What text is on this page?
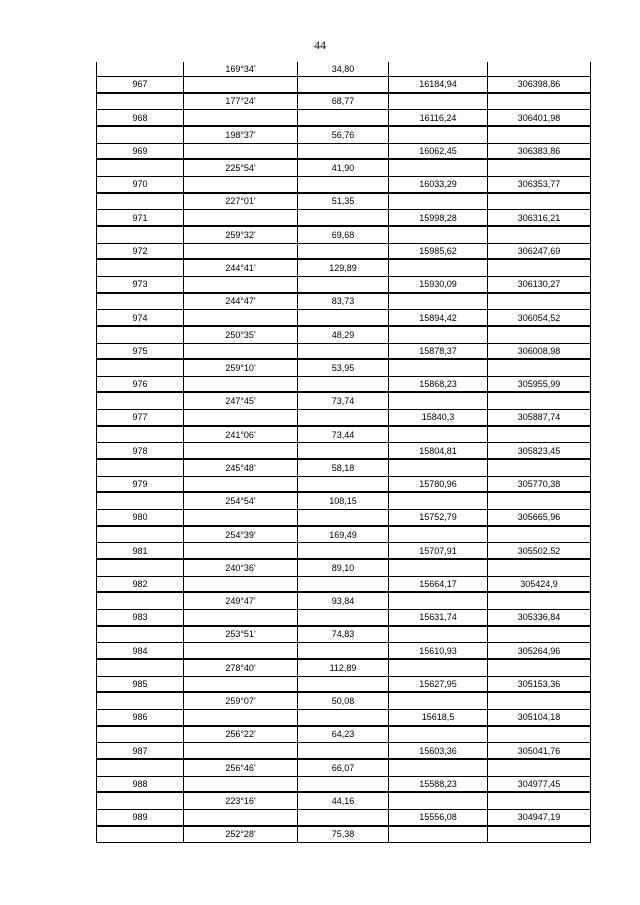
44
169°34'	34,80
967	16184,94	306398,86
177°24'	68,77
968	16116,24	306401,98
198°37'	56,76
969	16062,45	306383,86
225°54'	41,90
970	16033,29	306353,77
227°01'	51,35
971	15998,28	306316,21
259°32'	69,68
972	15985,62	306247,69
244°41'	129,89
973	15930,09	306130,27
244°47'	83,73
974	15894,42	306054,52
250°35'	48,29
975	15878,37	306008,98
259°10'	53,95
976	15868,23	305955,99
247°45'	73,74
977	15840,3	305887,74
241°06'	73,44
978	15804,81	305823,45
245°48'	58,18
979	15780,96	305770,38
254°54'	108,15
980	15752,79	305665,96
254°39'	169,49
981	15707,91	305502,52
240°36'	89,10
982	15664,17	305424,9
249°47'	93,84
983	15631,74	305336,84
253°51'	74,83
984	15610,93	305264,96
278°40'	112,89
985	15627,95	305153,36
259°07'	50,08
986	15618,5	305104,18
256°22'	64,23
987	15603,36	305041,76
256°46'	66,07
988	15588,23	304977,45
223°16'	44,16
989	15556,08	304947,19
252°28'	75,38
